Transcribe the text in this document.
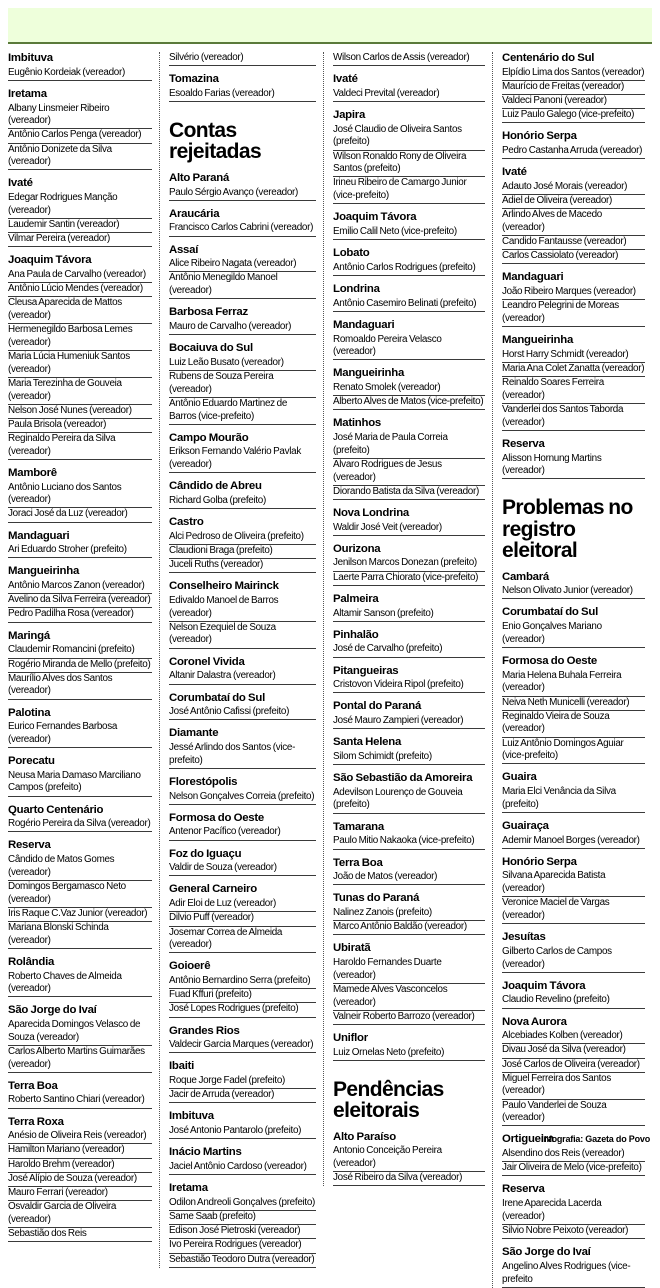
Imbituva
Eugênio Kordeiak (vereador)
Iretama
Albany Linsmeier Ribeiro (vereador)
Antônio Carlos Penga (vereador)
Antônio Donizete da Silva (vereador)
Ivaté
Edegar Rodrigues Manção (vereador)
Laudemir Santin (vereador)
Vilmar Pereira (vereador)
Joaquim Távora
Ana Paula de Carvalho (vereador)
Antônio Lúcio Mendes (vereador)
Cleusa Aparecida de Mattos (vereador)
Hermenegildo Barbosa Lemes (vereador)
Maria Lúcia Humeniuk Santos (vereador)
Maria Terezinha de Gouveia (vereador)
Nelson José Nunes (vereador)
Paula Brisola (vereador)
Reginaldo Pereira da Silva (vereador)
Mamborê
Antônio Luciano dos Santos (vereador)
Joraci José da Luz (vereador)
Mandaguari
Ari Eduardo Stroher (prefeito)
Mangueirinha
Antônio Marcos Zanon (vereador)
Avelino da Silva Ferreira (vereador)
Pedro Padilha Rosa (vereador)
Maringá
Claudemir Romancini (prefeito)
Rogério Miranda de Mello (prefeito)
Maurílio Alves dos Santos (vereador)
Palotina
Eurico Fernandes Barbosa (vereador)
Porecatu
Neusa Maria Damaso Marciliano Campos (prefeito)
Quarto Centenário
Rogério Pereira da Silva (vereador)
Reserva
Cândido de Matos Gomes (vereador)
Domingos Bergamasco Neto (vereador)
Iris Raque C.Vaz Junior (vereador)
Mariana Blonski Schinda (vereador)
Rolândia
Roberto Chaves de Almeida (vereador)
São Jorge do Ivaí
Aparecida Domingos Velasco de Souza (vereador)
Carlos Alberto Martins Guimarães (vereador)
Terra Boa
Roberto Santino Chiari (vereador)
Terra Roxa
Anésio de Oliveira Reis (vereador)
Hamilton Mariano (vereador)
Haroldo Brehm (vereador)
José Alípio de Souza (vereador)
Mauro Ferrari (vereador)
Osvaldir Garcia de Oliveira (vereador)
Sebastião dos Reis
Silvério (vereador)
Tomazina
Esoaldo Farias (vereador)
Contas rejeitadas
Alto Paraná
Paulo Sérgio Avanço (vereador)
Araucária
Francisco Carlos Cabrini (vereador)
Assaí
Alice Ribeiro Nagata (vereador)
Antônio Menegildo Manoel (vereador)
Barbosa Ferraz
Mauro de Carvalho (vereador)
Bocaiuva do Sul
Luiz Leão Busato (vereador)
Rubens de Souza Pereira (vereador)
Antônio Eduardo Martinez de Barros (vice-prefeito)
Campo Mourão
Erikson Fernando Valério Pavlak (vereador)
Cândido de Abreu
Richard Golba (prefeito)
Castro
Alci Pedroso de Oliveira (prefeito)
Claudioni Braga (prefeito)
Juceli Ruths (vereador)
Conselheiro Mairinck
Edivaldo Manoel de Barros (vereador)
Nelson Ezequiel de Souza (vereador)
Coronel Vivida
Altanir Dalastra (vereador)
Corumbataí do Sul
José Antônio Cafissi (prefeito)
Diamante
Jessé Arlindo dos Santos (vice-prefeito)
Florestópolis
Nelson Gonçalves Correia (prefeito)
Formosa do Oeste
Antenor Pacífico (vereador)
Foz do Iguaçu
Valdir de Souza (vereador)
General Carneiro
Adir Eloi de Luz (vereador)
Dilvio Puff (vereador)
Josemar Correa de Almeida (vereador)
Goioerê
Antônio Bernardino Serra (prefeito)
Fuad Kffuri (prefeito)
José Lopes Rodrigues (prefeito)
Grandes Rios
Valdecir Garcia Marques (vereador)
Ibaiti
Roque Jorge Fadel (prefeito)
Jacir de Arruda (vereador)
Imbituva
José Antonio Pantarolo (prefeito)
Inácio Martins
Jaciel Antônio Cardoso (vereador)
Iretama
Odilon Andreoli Gonçalves (prefeito)
Same Saab (prefeito)
Edison José Pietroski (vereador)
Ivo Pereira Rodrigues (vereador)
Sebastião Teodoro Dutra (vereador)
Wilson Carlos de Assis (vereador)
Ivaté
Valdeci Prevital (vereador)
Japira
José Claudio de Oliveira Santos (prefeito)
Wilson Ronaldo Rony de Oliveira Santos (prefeito)
Irineu Ribeiro de Camargo Junior (vice-prefeito)
Joaquim Távora
Emilio Calil Neto (vice-prefeito)
Lobato
Antônio Carlos Rodrigues (prefeito)
Londrina
Antônio Casemiro Belinati (prefeito)
Mandaguari
Romoaldo Pereira Velasco (vereador)
Mangueirinha
Renato Smolek (vereador)
Alberto Alves de Matos (vice-prefeito)
Matinhos
José Maria de Paula Correia (prefeito)
Alvaro Rodrigues de Jesus (vereador)
Diorando Batista da Silva (vereador)
Nova Londrina
Waldir José Veit (vereador)
Ourizona
Jenilson Marcos Donezan (prefeito)
Laerte Parra Chiorato (vice-prefeito)
Palmeira
Altamir Sanson (prefeito)
Pinhalão
José de Carvalho (prefeito)
Pitangueiras
Cristovon Videira Ripol (prefeito)
Pontal do Paraná
José Mauro Zampieri (vereador)
Santa Helena
Silom Schimidt (prefeito)
São Sebastião da Amoreira
Adevilson Lourenço de Gouveia (prefeito)
Tamarana
Paulo Mitio Nakaoka (vice-prefeito)
Terra Boa
João de Matos (vereador)
Tunas do Paraná
Nalinez Zanois (prefeito)
Marco Antônio Baldão (vereador)
Ubiratã
Haroldo Fernandes Duarte (vereador)
Mamede Alves Vasconcelos (vereador)
Valneir Roberto Barrozo (vereador)
Uniflor
Luiz Ornelas Neto (prefeito)
Pendências eleitorais
Alto Paraíso
Antonio Conceição Pereira (vereador)
José Ribeiro da Silva (vereador)
Centenário do Sul
Elpídio Lima dos Santos (vereador)
Maurício de Freitas (vereador)
Valdeci Panoni (vereador)
Luiz Paulo Galego (vice-prefeito)
Honório Serpa
Pedro Castanha Arruda (vereador)
Ivaté
Adauto José Morais (vereador)
Adiel de Oliveira (vereador)
Arlindo Alves de Macedo (vereador)
Candido Fantausse (vereador)
Carlos Cassiolato (vereador)
Mandaguari
João Ribeiro Marques (vereador)
Leandro Pelegrini de Moreas (vereador)
Mangueirinha
Horst Harry Schmidt (vereador)
Maria Ana Colet Zanatta (vereador)
Reinaldo Soares Ferreira (vereador)
Vanderlei dos Santos Taborda (vereador)
Reserva
Alisson Hornung Martins (vereador)
Problemas no registro eleitoral
Cambará
Nelson Olivato Junior (vereador)
Corumbataí do Sul
Enio Gonçalves Mariano (vereador)
Formosa do Oeste
Maria Helena Buhala Ferreira (vereador)
Neiva Neth Municelli (vereador)
Reginaldo Vieira de Souza (vereador)
Luiz Antônio Domingos Aguiar (vice-prefeito)
Guaira
Maria Elci Venância da Silva (prefeito)
Guairaça
Ademir Manoel Borges (vereador)
Honório Serpa
Silvana Aparecida Batista (vereador)
Veronice Maciel de Vargas (vereador)
Jesuítas
Gilberto Carlos de Campos (vereador)
Joaquim Távora
Claudio Revelino (prefeito)
Nova Aurora
Alcebiades Kolben (vereador)
Divau José da Silva (vereador)
José Carlos de Oliveira (vereador)
Miguel Ferreira dos Santos (vereador)
Paulo Vanderlei de Souza (vereador)
Ortigueira
Alsendino dos Reis (vereador)
Jair Oliveira de Melo (vice-prefeito)
Reserva
Irene Aparecida Lacerda (vereador)
Silvio Nobre Peixoto (vereador)
São Jorge do Ivaí
Angelino Alves Rodrigues (vice-prefeito
Infografia: Gazeta do Povo
